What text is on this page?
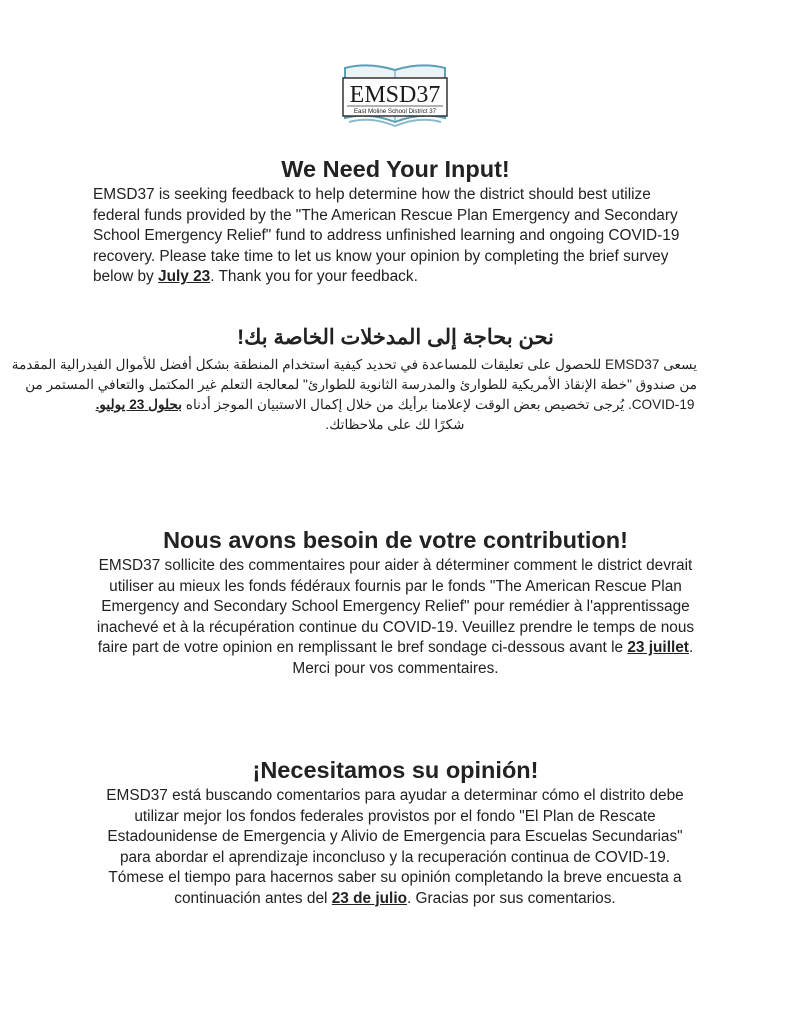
EMSD37
East Moline School District 37
We Need Your Input!
EMSD37 is seeking feedback to help determine how the district should best utilize
federal funds provided by the "The American Rescue Plan Emergency and Secondary
School Emergency Relief" fund to address unfinished learning and ongoing COVID-19
recovery. Please take time to let us know your opinion by completing the brief survey
below by July 23. Thank you for your feedback.
نحن بحاجة إلى المدخلات الخاصة بك!
يسعى EMSD37 للحصول على تعليقات للمساعدة في تحديد كيفية استخدام المنطقة بشكل أفضل للأموال الفيدرالية المقدمة
من صندوق "خطة الإنقاذ الأمريكية للطوارئ والمدرسة الثانوية للطوارئ" لمعالجة التعلم غير المكتمل والتعافي المستمر من
COVID-19. يُرجى تخصيص بعض الوقت لإعلامنا برأيك من خلال إكمال الاستبيان الموجز أدناه بحلول 23 يوليو.
شكرًا لك على ملاحظاتك.
Nous avons besoin de votre contribution!
EMSD37 sollicite des commentaires pour aider à déterminer comment le district devrait
utiliser au mieux les fonds fédéraux fournis par le fonds "The American Rescue Plan
Emergency and Secondary School Emergency Relief" pour remédier à l'apprentissage
inachevé et à la récupération continue du COVID-19. Veuillez prendre le temps de nous
faire part de votre opinion en remplissant le bref sondage ci-dessous avant le 23 juillet.
Merci pour vos commentaires.
¡Necesitamos su opinión!
EMSD37 está buscando comentarios para ayudar a determinar cómo el distrito debe
utilizar mejor los fondos federales provistos por el fondo "El Plan de Rescate
Estadounidense de Emergencia y Alivio de Emergencia para Escuelas Secundarias"
para abordar el aprendizaje inconcluso y la recuperación continua de COVID-19.
Tómese el tiempo para hacernos saber su opinión completando la breve encuesta a
continuación antes del 23 de julio. Gracias por sus comentarios.
